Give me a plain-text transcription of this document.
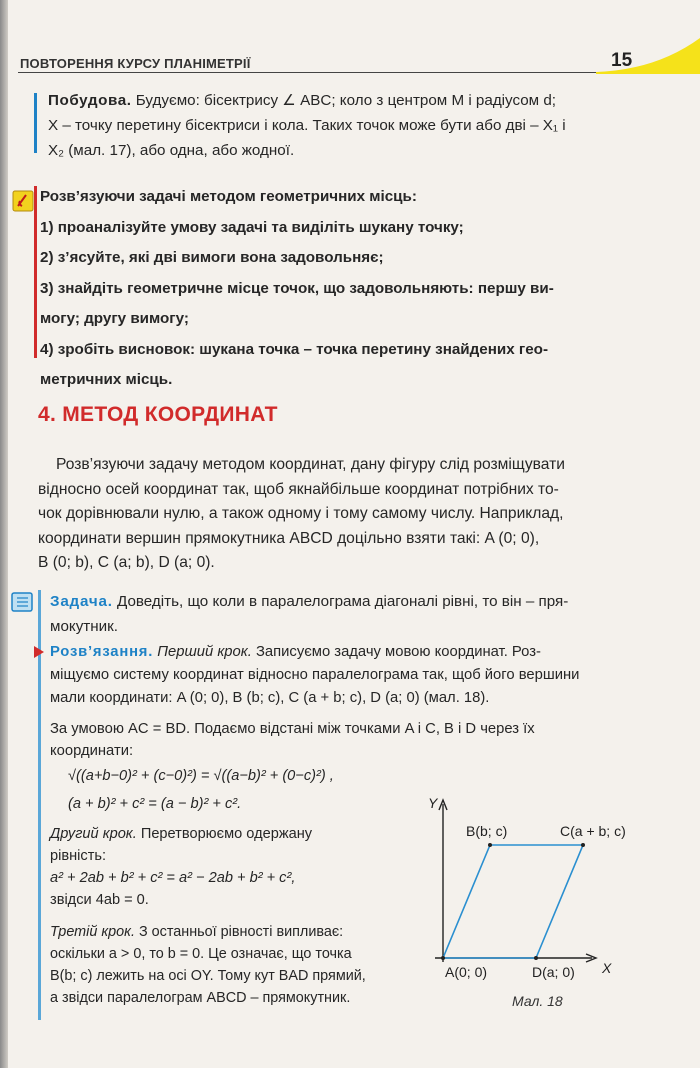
ПОВТОРЕННЯ КУРСУ ПЛАНІМЕТРІЇ	15
Побудова. Будуємо: бісектрису ∠ ABC; коло з центром M і радіусом d;
X – точку перетину бісектриси і кола. Таких точок може бути або дві – X₁ і
X₂ (мал. 17), або одна, або жодної.
Розв’язуючи задачі методом геометричних місць:
1) проаналізуйте умову задачі та виділіть шукану точку;
2) з’ясуйте, які дві вимоги вона задовольняє;
3) знайдіть геометричне місце точок, що задовольняють: першу ви-
могу; другу вимогу;
4) зробіть висновок: шукана точка – точка перетину знайдених гео-
метричних місць.
4. МЕТОД КООРДИНАТ
Розв’язуючи задачу методом координат, дану фігуру слід розміщувати
відносно осей координат так, щоб якнайбільше координат потрібних то-
чок дорівнювали нулю, а також одному і тому самому числу. Наприклад,
координати вершин прямокутника ABCD доцільно взяти такі: A (0; 0),
B (0; b), C (a; b), D (a; 0).
Задача. Доведіть, що коли в паралелограма діагоналі рівні, то він – пря-
мокутник.
Розв’язання. Перший крок. Записуємо задачу мовою координат. Роз-
міщуємо систему координат відносно паралелограма так, щоб його вершини
мали координати: A (0; 0), B (b; c), C (a + b; c), D (a; 0) (мал. 18).
За умовою AC = BD. Подаємо відстані між точками A і C, B і D через їх
координати:
√((a+b−0)² + (c−0)²) = √((a−b)² + (0−c)²) ,
(a + b)² + c² = (a − b)² + c².
Другий крок. Перетворюємо одержану
рівність:
a² + 2ab + b² + c² = a² − 2ab + b² + c²,
звідси 4ab = 0.
Третій крок. З останньої рівності випливає:
оскільки a > 0, то b = 0. Це означає, що точка
B(b; c) лежить на осі OY. Тому кут BAD прямий,
а звідси паралелограм ABCD – прямокутник.
Y
X
B(b; c)	C(a + b; c)
A(0; 0)	D(a; 0)
Мал. 18
